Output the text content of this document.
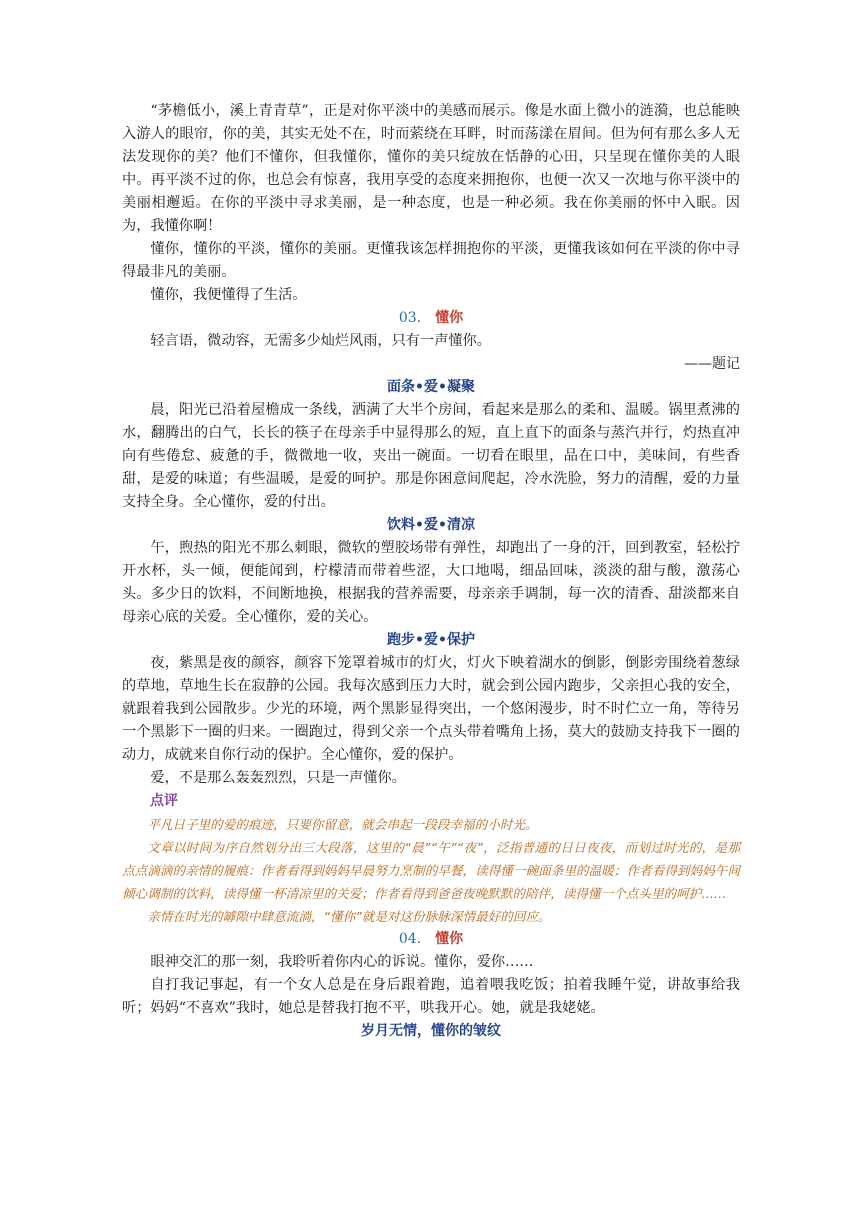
“茅檐低小，溪上青青草”，正是对你平淡中的美感而展示。像是水面上微小的涟漪，也总能映入游人的眼帘，你的美，其实无处不在，时而萦绕在耳畔，时而荡漾在眉间。但为何有那么多人无法发现你的美？他们不懂你，但我懂你，懂你的美只绽放在恬静的心田，只呈现在懂你美的人眼中。再平淡不过的你，也总会有惊喜，我用享受的态度来拥抱你，也便一次又一次地与你平淡中的美丽相邂逅。在你的平淡中寻求美丽，是一种态度，也是一种必须。我在你美丽的怀中入眠。因为，我懂你啊！

懂你，懂你的平淡，懂你的美丽。更懂我该怎样拥抱你的平淡，更懂我该如何在平淡的你中寻得最非凡的美丽。

懂你，我便懂得了生活。

03. 懂你

轻言语，微动容，无需多少灿烂风雨，只有一声懂你。

——题记
面条•爱•凝聚

晨，阳光已沿着屋檐成一条线，洒满了大半个房间，看起来是那么的柔和、温暖。锅里煮沸的水，翻腾出的白气，长长的筷子在母亲手中显得那么的短，直上直下的面条与蒸汽并行，灼热直冲向有些倦怠、疲惫的手，微微地一收，夹出一碗面。一切看在眼里，品在口中，美味间，有些香甜，是爱的味道；有些温暖，是爱的呵护。那是你困意间爬起，冷水洗脸，努力的清醒，爱的力量支持全身。全心懂你，爱的付出。

饮料•爱•清凉

午，煦热的阳光不那么刺眼，微软的塑胶场带有弹性，却跑出了一身的汗，回到教室，轻松拧开水杯，头一倾，便能闻到，柠檬清而带着些涩，大口地喝，细品回味，淡淡的甜与酸，激荡心头。多少日的饮料，不间断地换，根据我的营养需要，母亲亲手调制，每一次的清香、甜淡都来自母亲心底的关爱。全心懂你，爱的关心。

跑步•爱•保护

夜，紫黑是夜的颜容，颜容下笼罩着城市的灯火，灯火下映着湖水的倒影，倒影旁围绕着葱绿的草地，草地生长在寂静的公园。我每次感到压力大时，就会到公园内跑步，父亲担心我的安全，就跟着我到公园散步。少光的环境，两个黑影显得突出，一个悠闲漫步，时不时伫立一角，等待另一个黑影下一圈的归来。一圈跑过，得到父亲一个点头带着嘴角上扬，莫大的鼓励支持我下一圈的动力，成就来自你行动的保护。全心懂你，爱的保护。

爱，不是那么轰轰烈烈，只是一声懂你。

点评

平凡日子里的爱的痕迹，只要你留意，就会串起一段段幸福的小时光。

文章以时间为序自然划分出三大段落，这里的“晨”“午”“夜”，泛指普通的日日夜夜，而划过时光的，是那点点滴滴的亲情的履痕：作者看得到妈妈早晨努力烹制的早餐，读得懂一碗面条里的温暖；作者看得到妈妈午间倾心调制的饮料，读得懂一杯清凉里的关爱；作者看得到爸爸夜晚默默的陪伴，读得懂一个点头里的呵护……

亲情在时光的罅隙中肆意流淌，“懂你”就是对这份脉脉深情最好的回应。

04. 懂你

眼神交汇的那一刻，我聆听着你内心的诉说。懂你，爱你……

自打我记事起，有一个女人总是在身后跟着跑，追着喂我吃饭；拍着我睡午觉，讲故事给我听；妈妈“不喜欢”我时，她总是替我打抱不平，哄我开心。她，就是我姥姥。

岁月无情，懂你的皱纹
